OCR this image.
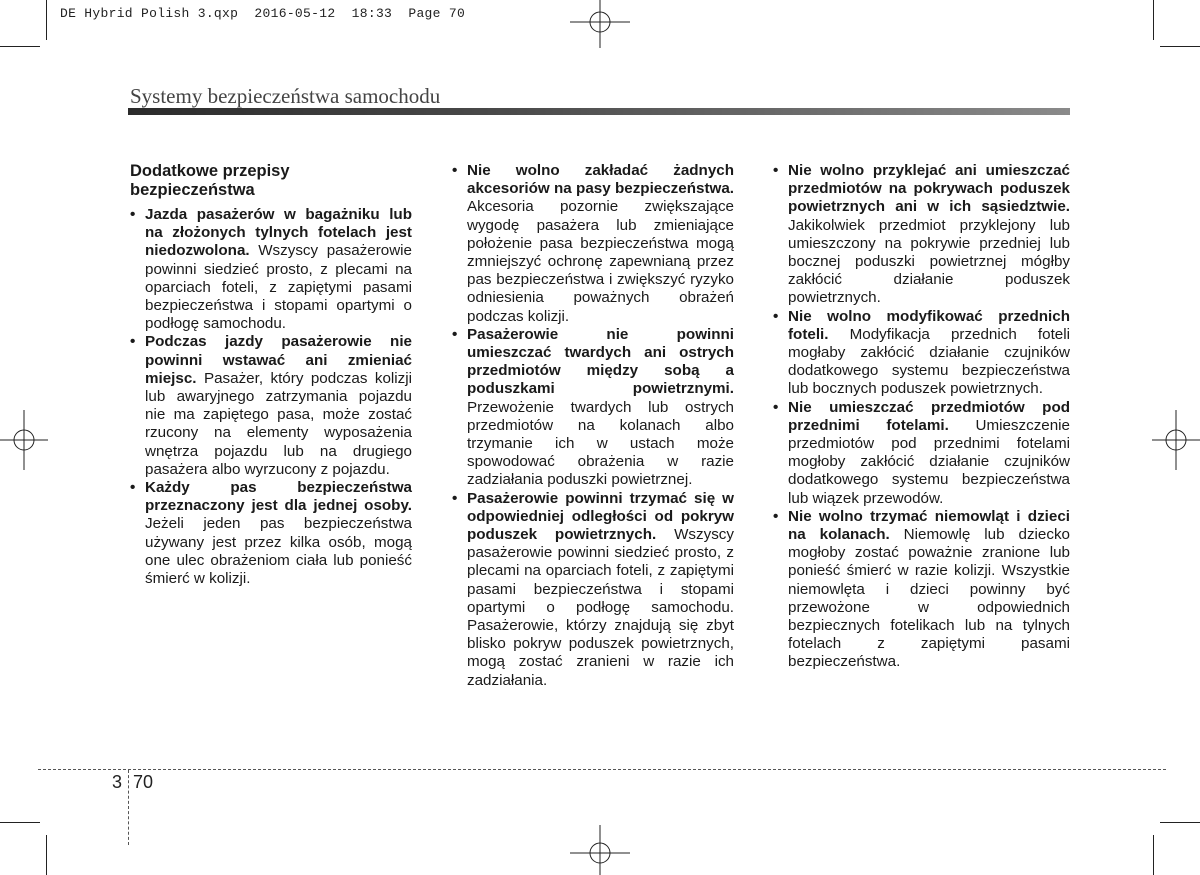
DE Hybrid Polish 3.qxp  2016-05-12  18:33  Page 70
Systemy bezpieczeństwa samochodu
Dodatkowe przepisy bezpieczeństwa
• Jazda pasażerów w bagażniku lub na złożonych tylnych fotelach jest niedozwolona. Wszyscy pasażerowie powinni siedzieć prosto, z plecami na oparciach foteli, z zapiętymi pasami bezpieczeństwa i stopami opartymi o podłogę samochodu.
• Podczas jazdy pasażerowie nie powinni wstawać ani zmieniać miejsc. Pasażer, który podczas kolizji lub awaryjnego zatrzymania pojazdu nie ma zapiętego pasa, może zostać rzucony na elementy wyposażenia wnętrza pojazdu lub na drugiego pasażera albo wyrzucony z pojazdu.
• Każdy pas bezpieczeństwa przeznaczony jest dla jednej osoby. Jeżeli jeden pas bezpieczeństwa używany jest przez kilka osób, mogą one ulec obrażeniom ciała lub ponieść śmierć w kolizji.
• Nie wolno zakładać żadnych akcesoriów na pasy bezpieczeństwa. Akcesoria pozornie zwiększające wygodę pasażera lub zmieniające położenie pasa bezpieczeństwa mogą zmniejszyć ochronę zapewnianą przez pas bezpieczeństwa i zwiększyć ryzyko odniesienia poważnych obrażeń podczas kolizji.
• Pasażerowie nie powinni umieszczać twardych ani ostrych przedmiotów między sobą a poduszkami powietrznymi. Przewożenie twardych lub ostrych przedmiotów na kolanach albo trzymanie ich w ustach może spowodować obrażenia w razie zadziałania poduszki powietrznej.
• Pasażerowie powinni trzymać się w odpowiedniej odległości od pokryw poduszek powietrznych. Wszyscy pasażerowie powinni siedzieć prosto, z plecami na oparciach foteli, z zapiętymi pasami bezpieczeństwa i stopami opartymi o podłogę samochodu. Pasażerowie, którzy znajdują się zbyt blisko pokryw poduszek powietrznych, mogą zostać zranieni w razie ich zadziałania.
• Nie wolno przyklejać ani umieszczać przedmiotów na pokrywach poduszek powietrznych ani w ich sąsiedztwie. Jakikolwiek przedmiot przyklejony lub umieszczony na pokrywie przedniej lub bocznej poduszki powietrznej mógłby zakłócić działanie poduszek powietrznych.
• Nie wolno modyfikować przednich foteli. Modyfikacja przednich foteli mogłaby zakłócić działanie czujników dodatkowego systemu bezpieczeństwa lub bocznych poduszek powietrznych.
• Nie umieszczać przedmiotów pod przednimi fotelami. Umieszczenie przedmiotów pod przednimi fotelami mogłoby zakłócić działanie czujników dodatkowego systemu bezpieczeństwa lub wiązek przewodów.
• Nie wolno trzymać niemowląt i dzieci na kolanach. Niemowlę lub dziecko mogłoby zostać poważnie zranione lub ponieść śmierć w razie kolizji. Wszystkie niemowlęta i dzieci powinny być przewożone w odpowiednich bezpiecznych fotelikach lub na tylnych fotelach z zapiętymi pasami bezpieczeństwa.
3 70
